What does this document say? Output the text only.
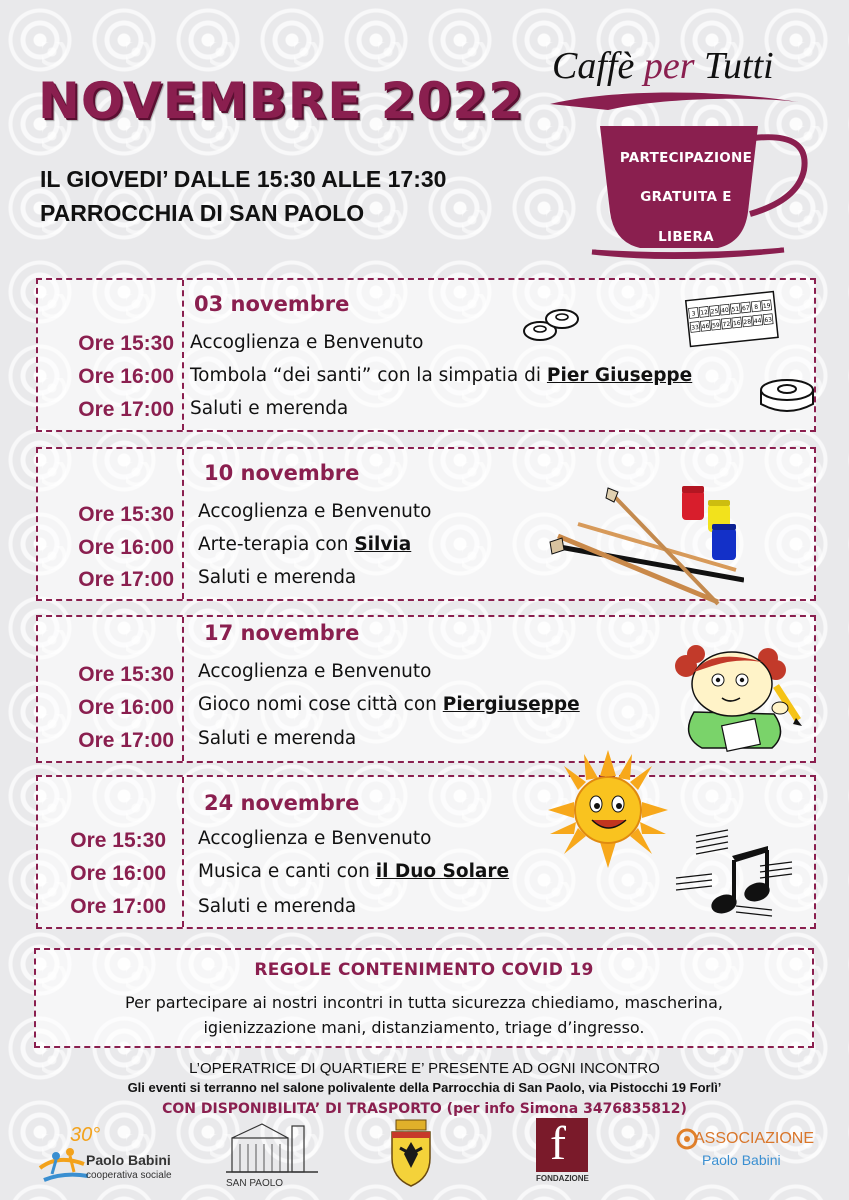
NOVEMBRE 2022
IL GIOVEDI’ DALLE 15:30 ALLE 17:30
PARROCCHIA DI SAN PAOLO
Caffè per Tutti
PARTECIPAZIONE
GRATUITA E
LIBERA
03 novembre
Ore 15:30
Ore 16:00
Ore 17:00
Accoglienza e Benvenuto
Tombola “dei santi” con la simpatia di Pier Giuseppe
Saluti e merenda
3 12 25 40 51 67 8 19
33 46 59 72 16 28 44 63
10 novembre
Ore 15:30
Ore 16:00
Ore 17:00
Accoglienza e Benvenuto
Arte-terapia con Silvia
Saluti e merenda
17 novembre
Ore 15:30
Ore 16:00
Ore 17:00
Accoglienza e Benvenuto
Gioco nomi cose città con Piergiuseppe
Saluti e merenda
24 novembre
Ore 15:30
Ore 16:00
Ore 17:00
Accoglienza e Benvenuto
Musica e canti con il Duo Solare
Saluti e merenda
REGOLE CONTENIMENTO COVID 19
Per partecipare ai nostri incontri in tutta sicurezza chiediamo, mascherina,
igienizzazione mani, distanziamento, triage d’ingresso.
L’OPERATRICE DI QUARTIERE E’ PRESENTE AD OGNI INCONTRO
Gli eventi si terranno nel salone polivalente della Parrocchia di San Paolo, via Pistocchi 19 Forlì’
CON DISPONIBILITA’ DI TRASPORTO (per info Simona 3476835812)
30°
Paolo Babini
cooperativa sociale
SAN PAOLO
f
FONDAZIONE
ASSOCIAZIONE
Paolo Babini
